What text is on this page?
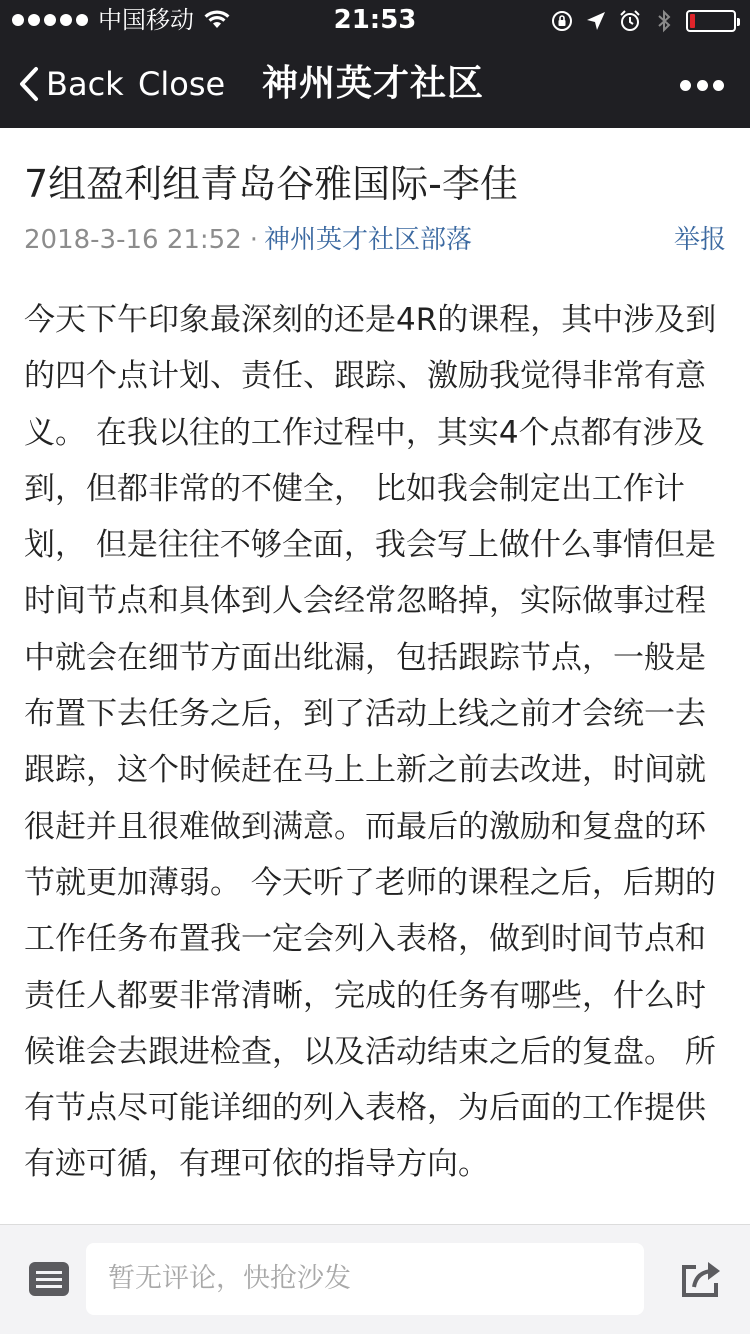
中国移动	21:53
Back Close 神州英才社区
7组盈利组青岛谷雅国际-李佳
2018-3-16 21:52 · 神州英才社区部落	举报

今天下午印象最深刻的还是4R的课程，其中涉及到的四个点计划、责任、跟踪、激励我觉得非常有意义。 在我以往的工作过程中，其实4个点都有涉及到，但都非常的不健全， 比如我会制定出工作计划， 但是往往不够全面，我会写上做什么事情但是时间节点和具体到人会经常忽略掉，实际做事过程中就会在细节方面出纰漏，包括跟踪节点，一般是布置下去任务之后，到了活动上线之前才会统一去跟踪，这个时候赶在马上上新之前去改进，时间就很赶并且很难做到满意。而最后的激励和复盘的环节就更加薄弱。 今天听了老师的课程之后，后期的工作任务布置我一定会列入表格，做到时间节点和责任人都要非常清晰，完成的任务有哪些，什么时候谁会去跟进检查，以及活动结束之后的复盘。 所有节点尽可能详细的列入表格，为后面的工作提供有迹可循，有理可依的指导方向。

暂无评论，快抢沙发
